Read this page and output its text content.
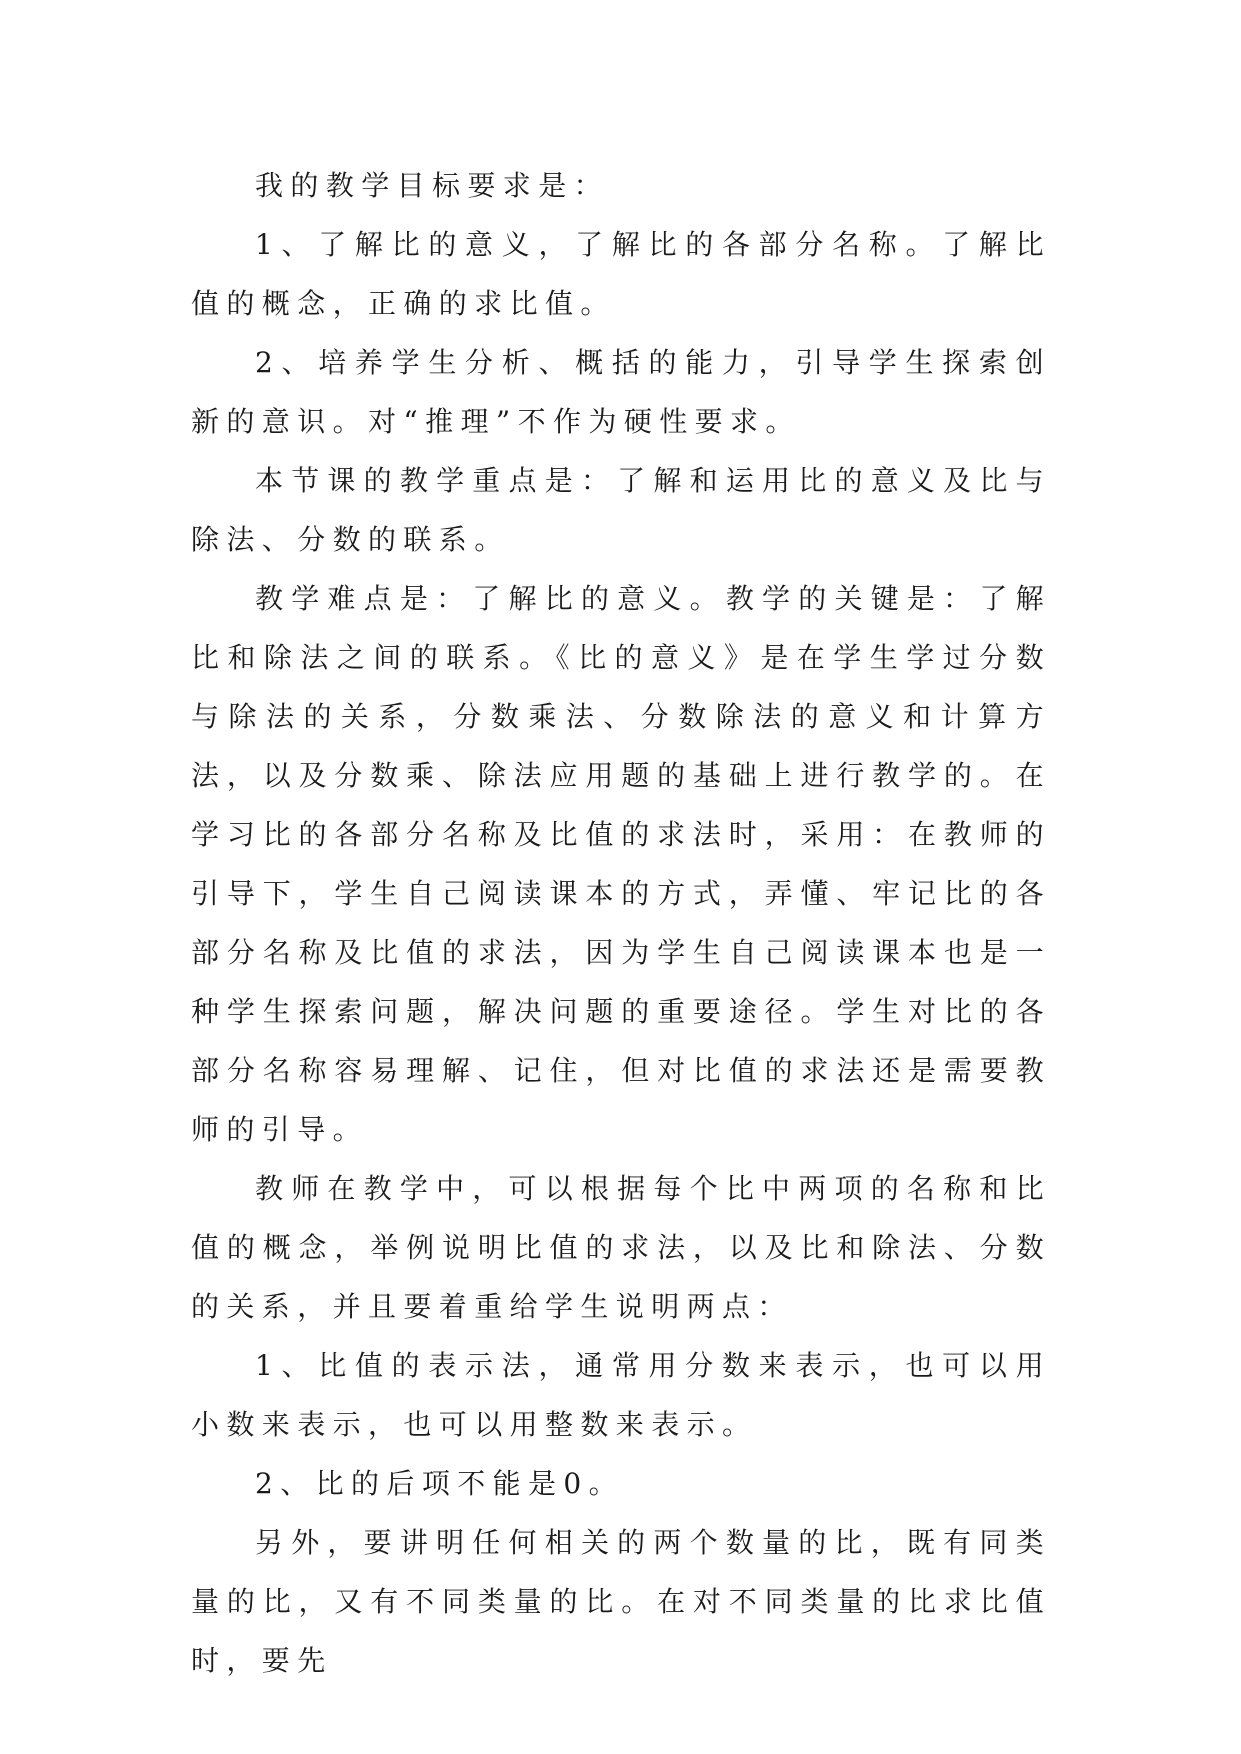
我的教学目标要求是：

1、了解比的意义，了解比的各部分名称。了解比值的概念，正确的求比值。

2、培养学生分析、概括的能力，引导学生探索创新的意识。对“推理”不作为硬性要求。

本节课的教学重点是：了解和运用比的意义及比与除法、分数的联系。

教学难点是：了解比的意义。教学的关键是：了解比和除法之间的联系。《比的意义》是在学生学过分数与除法的关系，分数乘法、分数除法的意义和计算方法，以及分数乘、除法应用题的基础上进行教学的。在学习比的各部分名称及比值的求法时，采用：在教师的引导下，学生自己阅读课本的方式，弄懂、牢记比的各部分名称及比值的求法，因为学生自己阅读课本也是一种学生探索问题，解决问题的重要途径。学生对比的各部分名称容易理解、记住，但对比值的求法还是需要教师的引导。

教师在教学中，可以根据每个比中两项的名称和比值的概念，举例说明比值的求法，以及比和除法、分数的关系，并且要着重给学生说明两点：

1、比值的表示法，通常用分数来表示，也可以用小数来表示，也可以用整数来表示。

2、比的后项不能是0。

另外，要讲明任何相关的两个数量的比，既有同类量的比，又有不同类量的比。在对不同类量的比求比值时，要先
